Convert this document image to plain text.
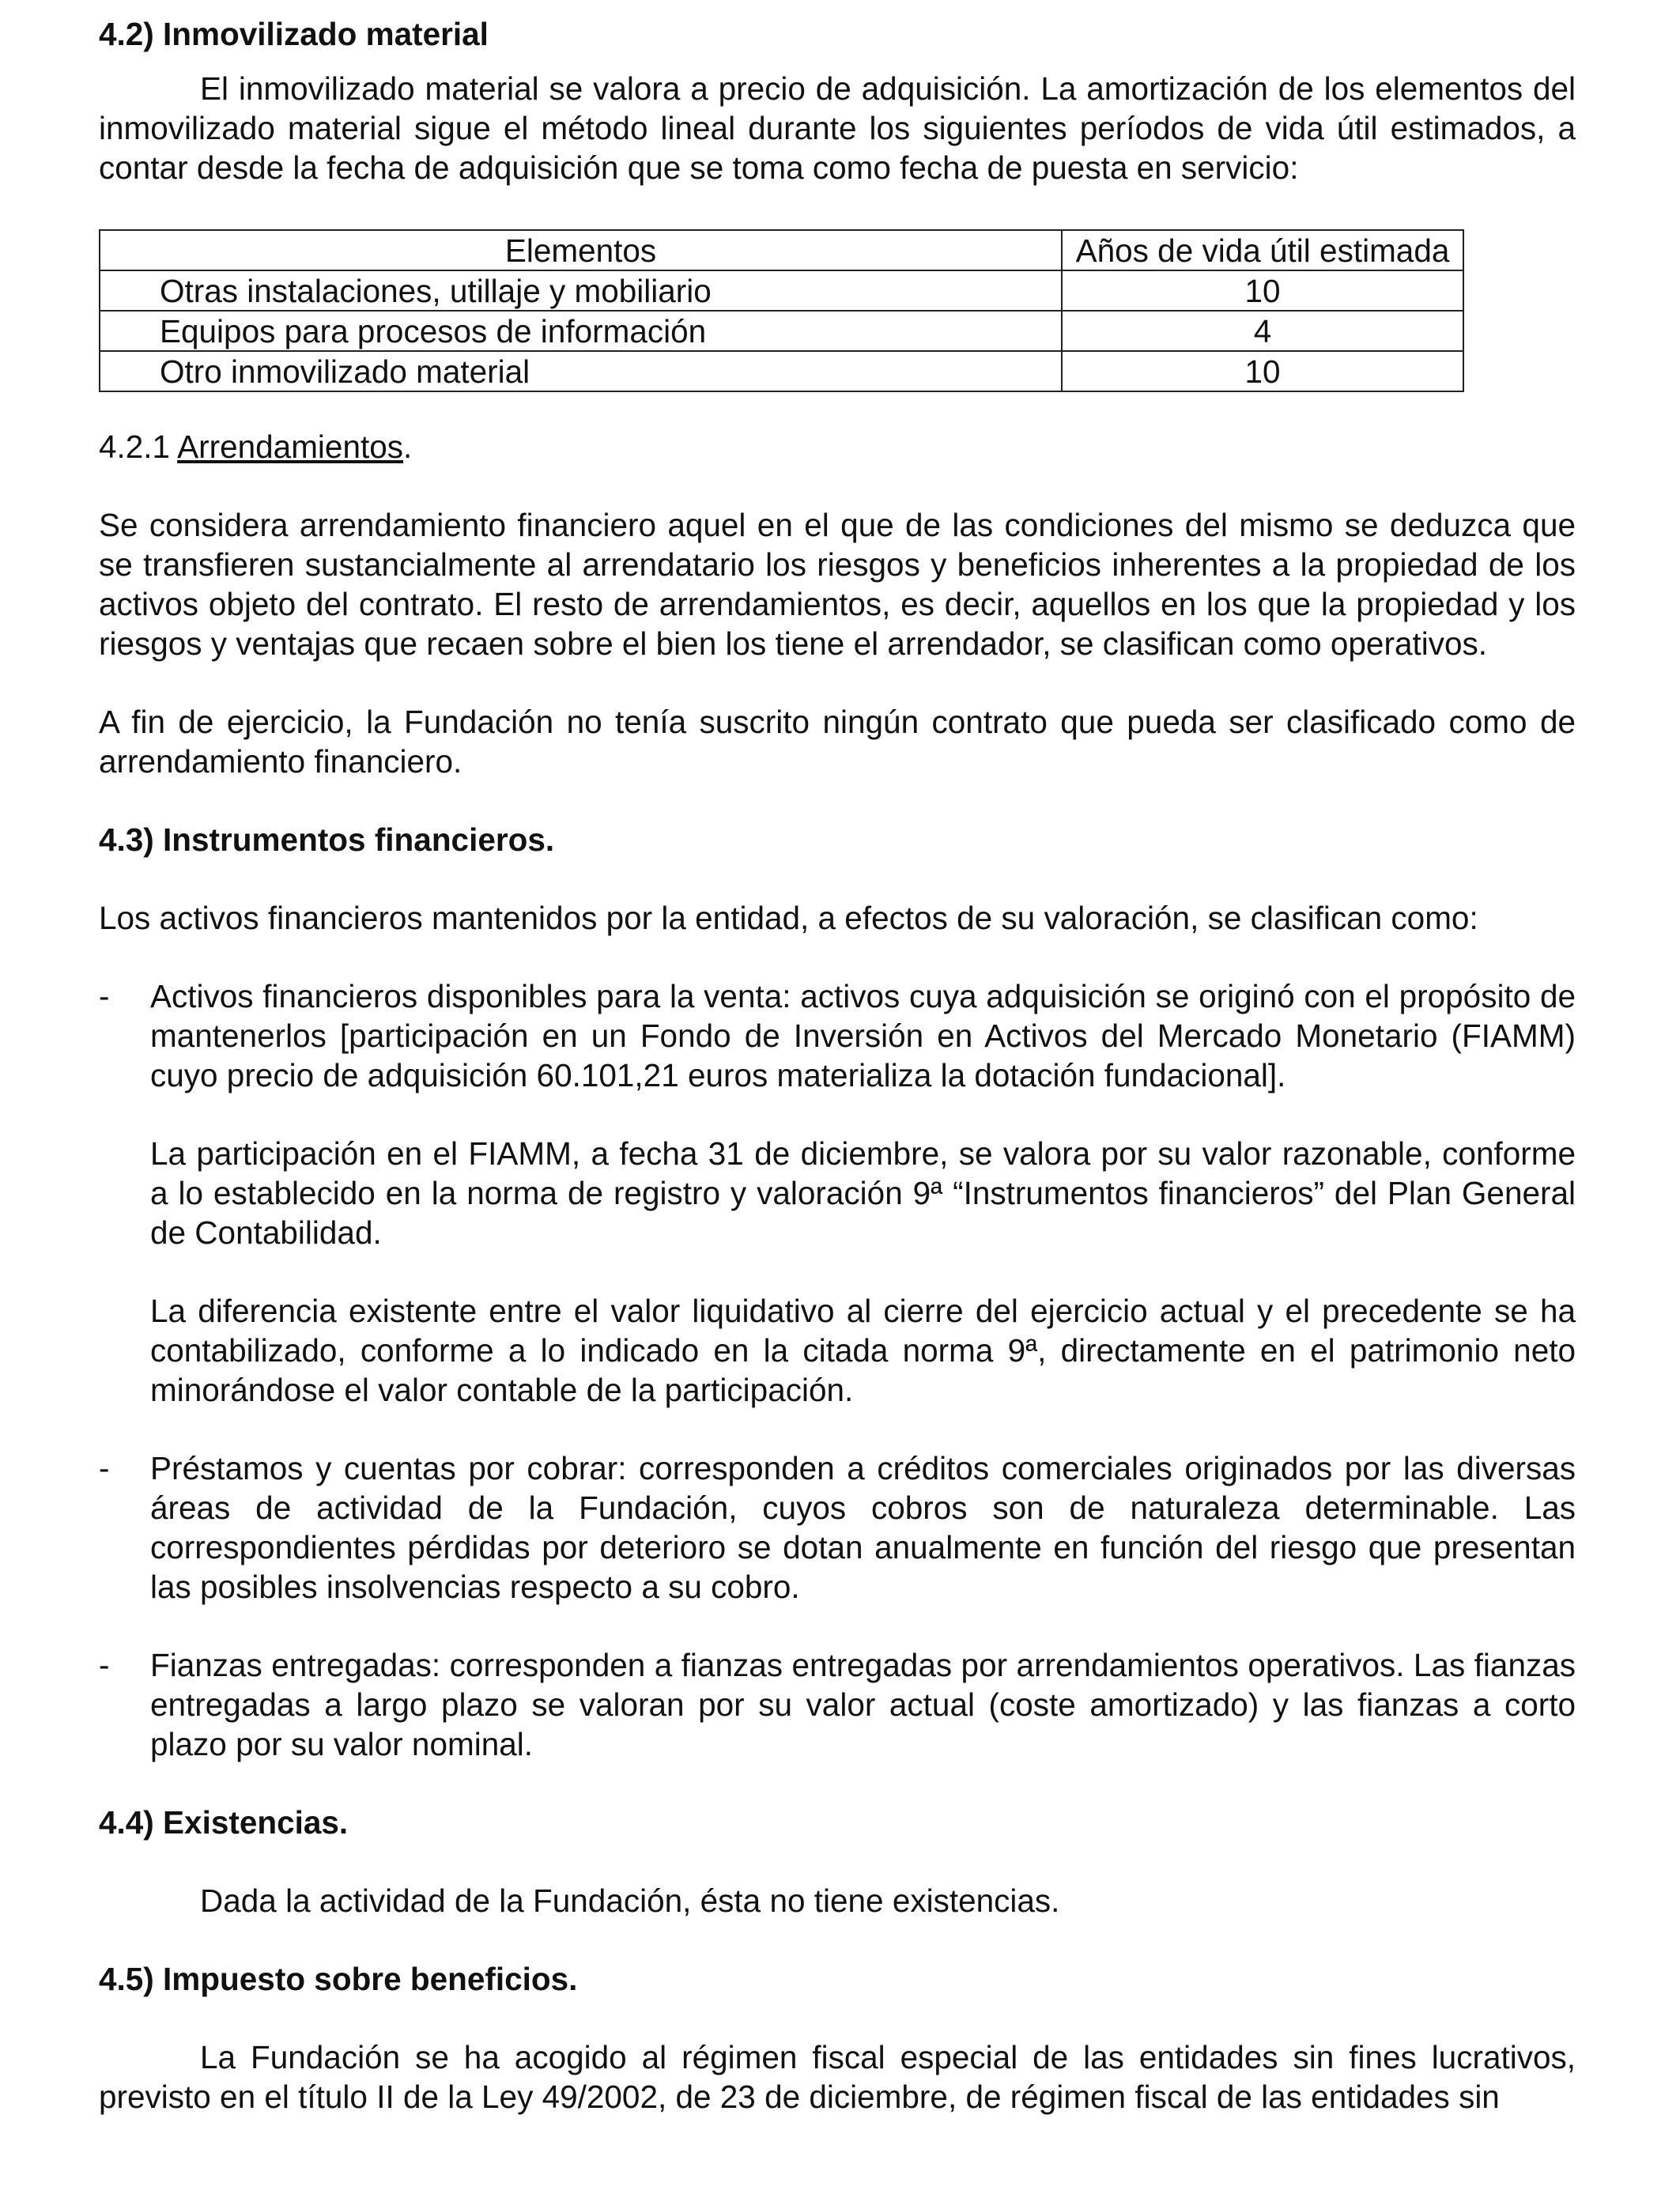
4.2) Inmovilizado material

El inmovilizado material se valora a precio de adquisición. La amortización de los elementos del inmovilizado material sigue el método lineal durante los siguientes períodos de vida útil estimados, a contar desde la fecha de adquisición que se toma como fecha de puesta en servicio:

Elementos	Años de vida útil estimada
Otras instalaciones, utillaje y mobiliario	10
Equipos para procesos de información	4
Otro inmovilizado material	10

4.2.1 Arrendamientos.

Se considera arrendamiento financiero aquel en el que de las condiciones del mismo se deduzca que se transfieren sustancialmente al arrendatario los riesgos y beneficios inherentes a la propiedad de los activos objeto del contrato. El resto de arrendamientos, es decir, aquellos en los que la propiedad y los riesgos y ventajas que recaen sobre el bien los tiene el arrendador, se clasifican como operativos.

A fin de ejercicio, la Fundación no tenía suscrito ningún contrato que pueda ser clasificado como de arrendamiento financiero.

4.3) Instrumentos financieros.

Los activos financieros mantenidos por la entidad, a efectos de su valoración, se clasifican como:

-	Activos financieros disponibles para la venta: activos cuya adquisición se originó con el propósito de mantenerlos [participación en un Fondo de Inversión en Activos del Mercado Monetario (FIAMM) cuyo precio de adquisición 60.101,21 euros materializa la dotación fundacional].

La participación en el FIAMM, a fecha 31 de diciembre, se valora por su valor razonable, conforme a lo establecido en la norma de registro y valoración 9ª “Instrumentos financieros” del Plan General de Contabilidad.

La diferencia existente entre el valor liquidativo al cierre del ejercicio actual y el precedente se ha contabilizado, conforme a lo indicado en la citada norma 9ª, directamente en el patrimonio neto minorándose el valor contable de la participación.

-	Préstamos y cuentas por cobrar: corresponden a créditos comerciales originados por las diversas áreas de actividad de la Fundación, cuyos cobros son de naturaleza determinable. Las correspondientes pérdidas por deterioro se dotan anualmente en función del riesgo que presentan las posibles insolvencias respecto a su cobro.

-	Fianzas entregadas: corresponden a fianzas entregadas por arrendamientos operativos. Las fianzas entregadas a largo plazo se valoran por su valor actual (coste amortizado) y las fianzas a corto plazo por su valor nominal.

4.4) Existencias.

Dada la actividad de la Fundación, ésta no tiene existencias.

4.5) Impuesto sobre beneficios.

La Fundación se ha acogido al régimen fiscal especial de las entidades sin fines lucrativos, previsto en el título II de la Ley 49/2002, de 23 de diciembre, de régimen fiscal de las entidades sin
